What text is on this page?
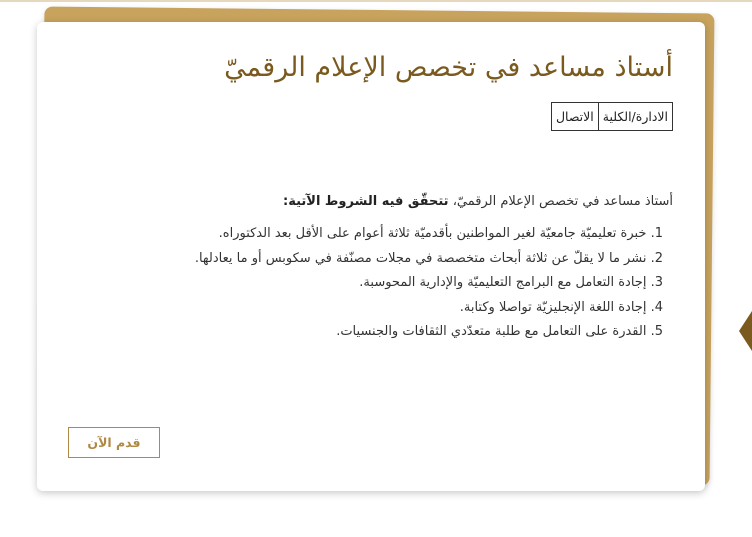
أستاذ مساعد في تخصص الإعلام الرقميّ
الادارة/الكلية	الاتصال

أستاذ مساعد في تخصص الإعلام الرقميّ، تتحقّق فيه الشروط الآتية:

1. خبرة تعليميّة جامعيّة لغير المواطنين بأقدميّة ثلاثة أعوام على الأقل بعد الدكتوراه.
2. نشر ما لا يقلّ عن ثلاثة أبحاث متخصصة في مجلات مصنّفة في سكوبس أو ما يعادلها.
3. إجادة التعامل مع البرامج التعليميّة والإدارية المحوسبة.
4. إجادة اللغة الإنجليزيّة تواصلا وكتابة.
5. القدرة على التعامل مع طلبة متعدّدي الثقافات والجنسيات.
قدم الآن
